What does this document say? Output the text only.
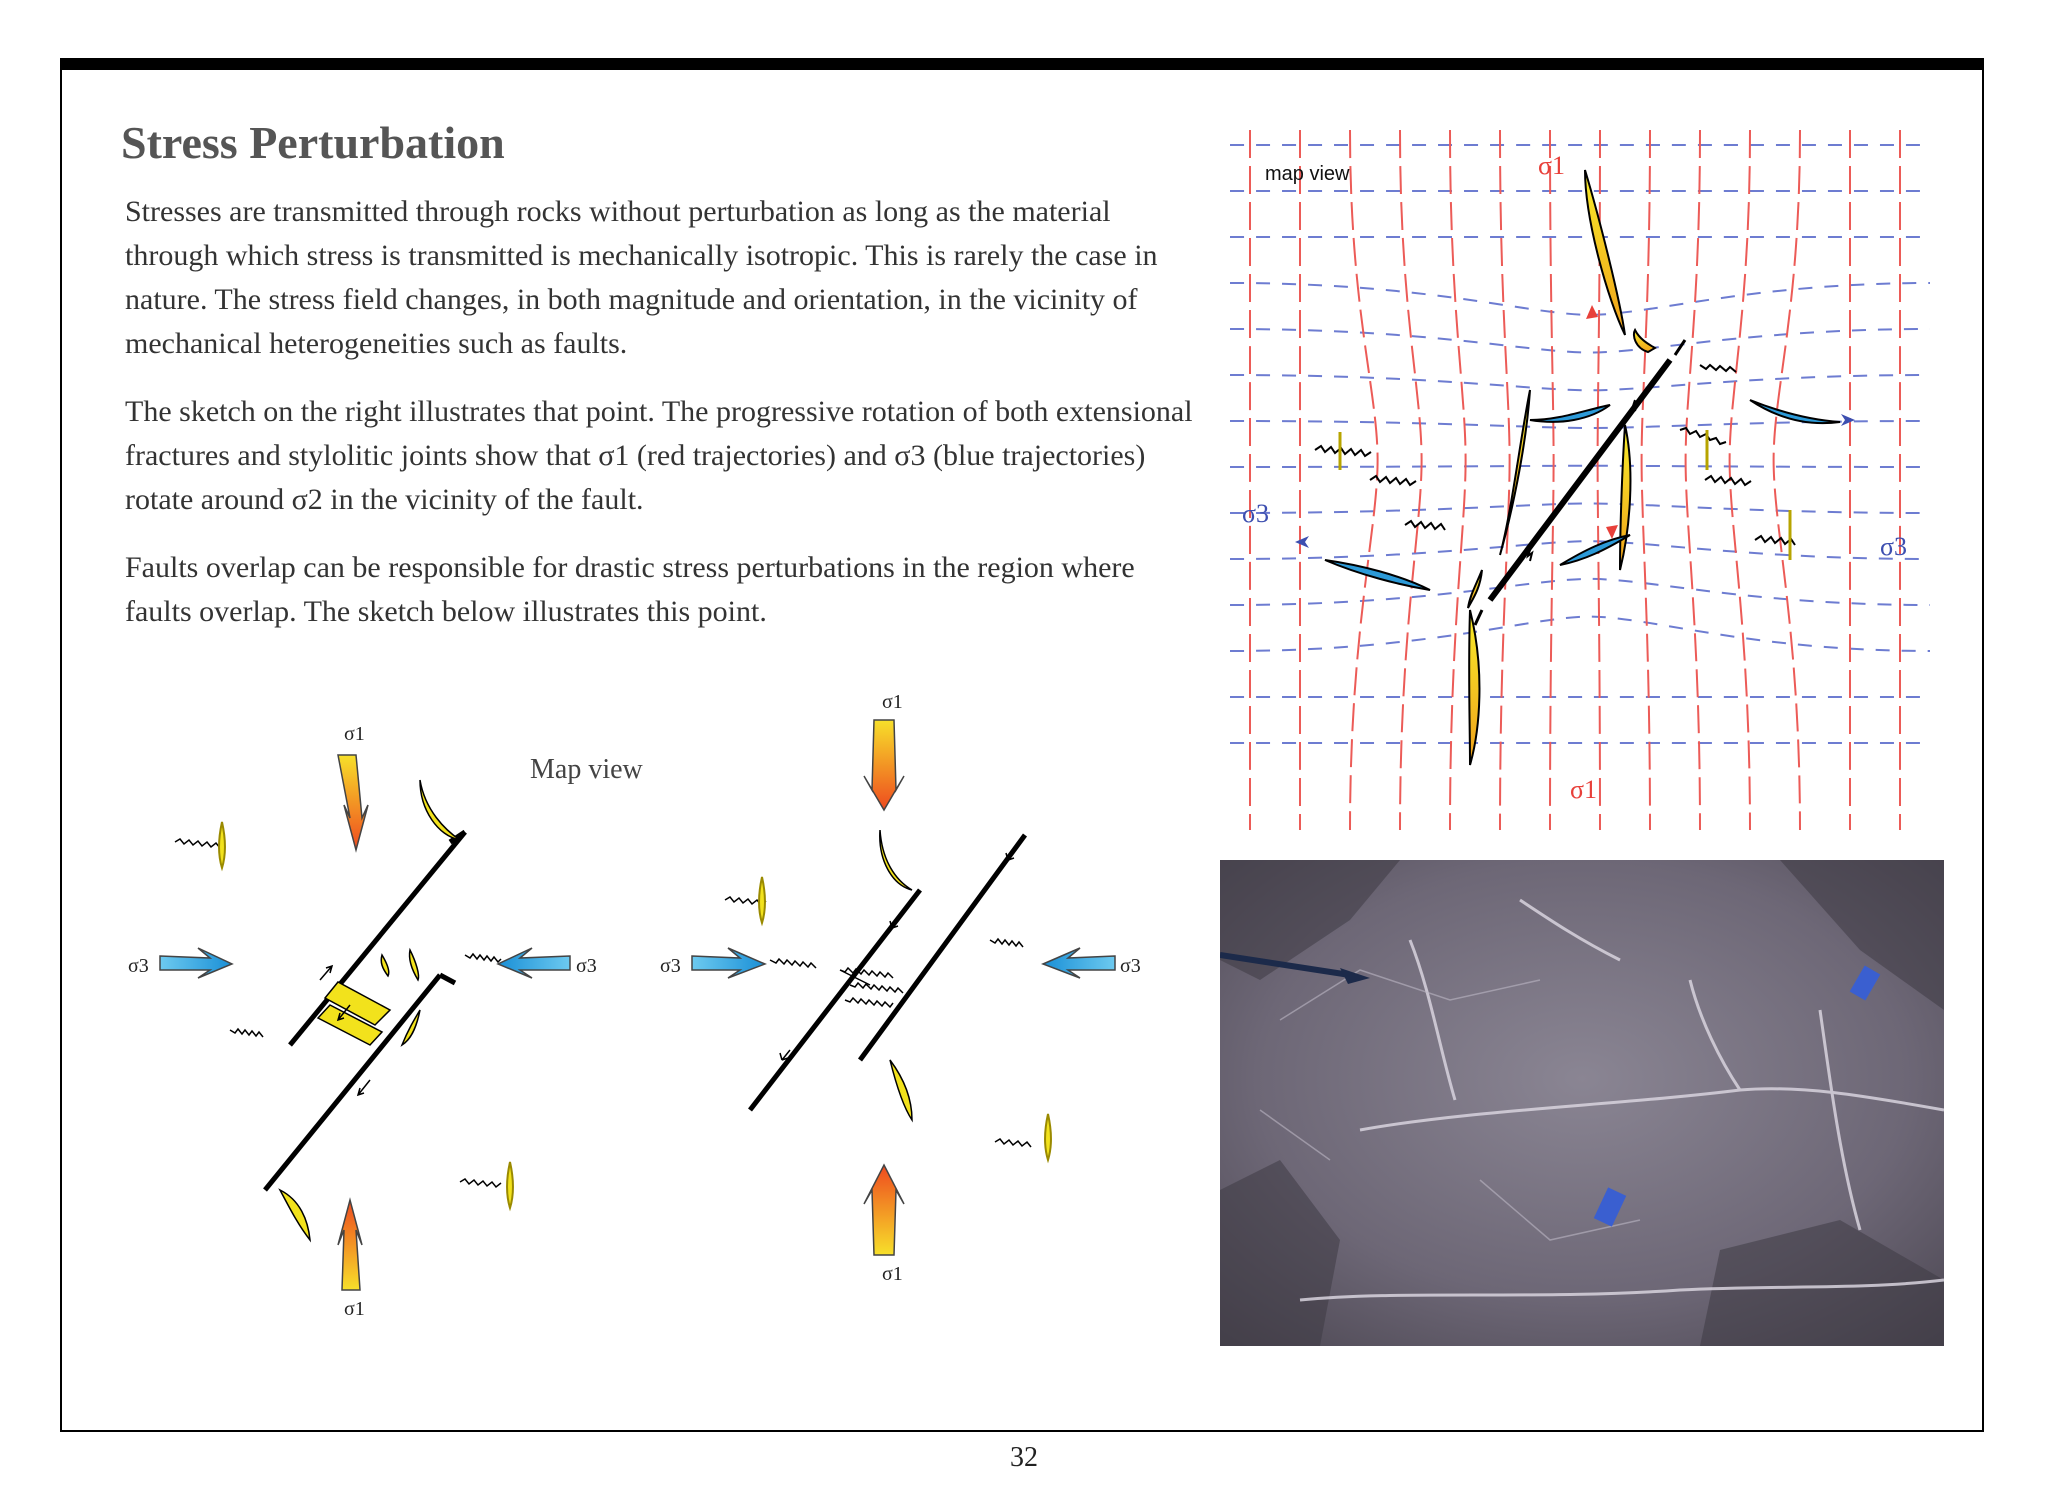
Stress Perturbation

Stresses are transmitted through rocks without perturbation as long as the material through which stress is transmitted is mechanically isotropic. This is rarely the case in nature. The stress field changes, in both magnitude and orientation, in the vicinity of mechanical heterogeneities such as faults.

The sketch on the right illustrates that point. The progressive rotation of both extensional fractures and stylolitic joints show that σ1 (red trajectories) and σ3 (blue trajectories) rotate around σ2 in the vicinity of the fault.

Faults overlap can be responsible for drastic stress perturbations in the region where faults overlap. The sketch below illustrates this point.

map view	σ1
σ1
σ3
σ3
σ1
σ1
σ3	σ3
Map view
σ1
σ1
σ3	σ3
32
